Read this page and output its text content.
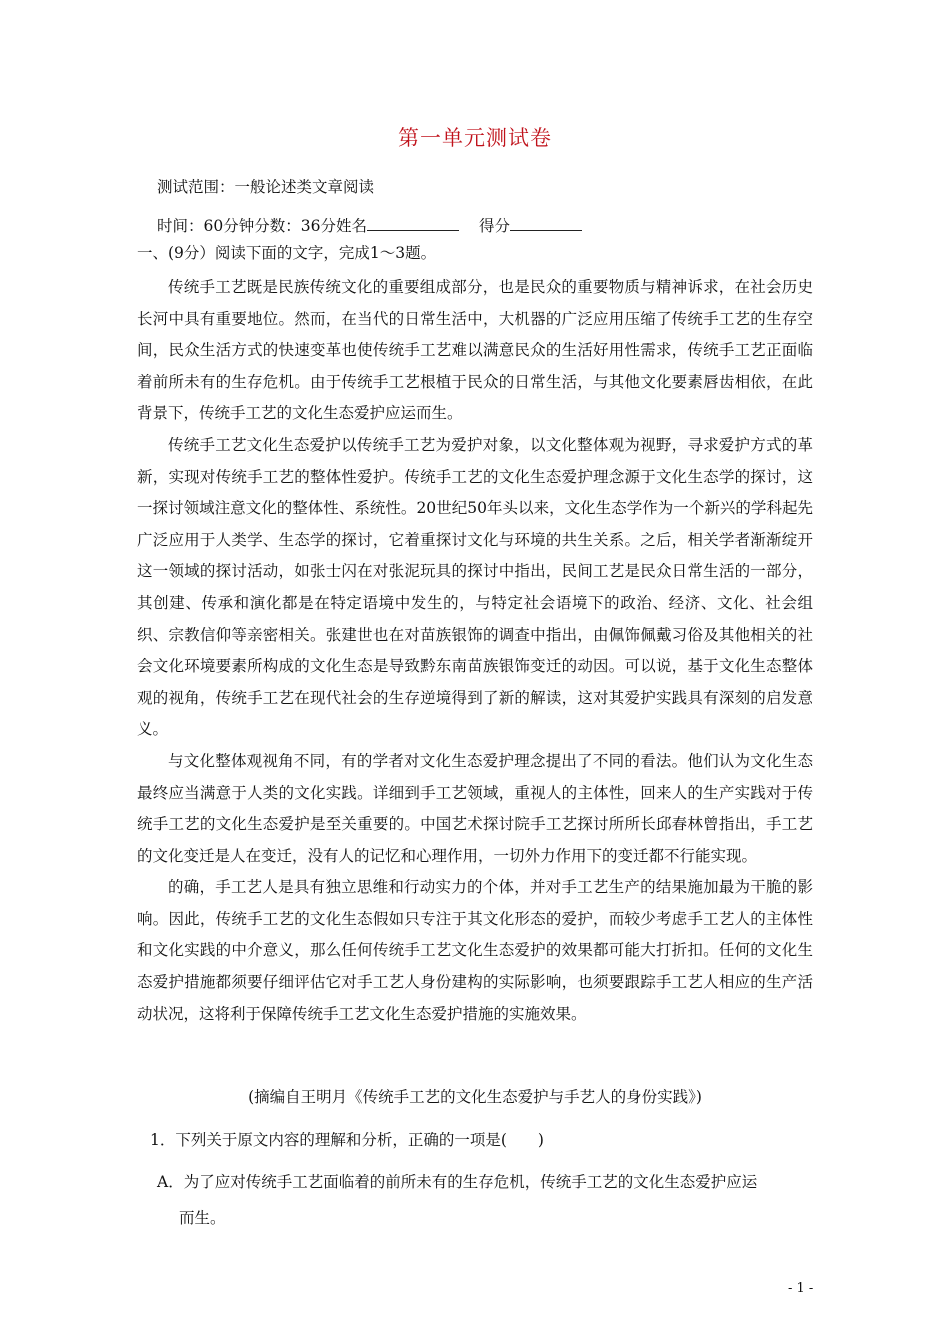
第一单元测试卷
测试范围：一般论述类文章阅读
时间：60分钟分数：36分姓名	得分
一、(9分）阅读下面的文字，完成1～3题。

传统手工艺既是民族传统文化的重要组成部分，也是民众的重要物质与精神诉求，在社会历史长河中具有重要地位。然而，在当代的日常生活中，大机器的广泛应用压缩了传统手工艺的生存空间，民众生活方式的快速变革也使传统手工艺难以满意民众的生活好用性需求，传统手工艺正面临着前所未有的生存危机。由于传统手工艺根植于民众的日常生活，与其他文化要素唇齿相依，在此背景下，传统手工艺的文化生态爱护应运而生。

传统手工艺文化生态爱护以传统手工艺为爱护对象，以文化整体观为视野，寻求爱护方式的革新，实现对传统手工艺的整体性爱护。传统手工艺的文化生态爱护理念源于文化生态学的探讨，这一探讨领域注意文化的整体性、系统性。20世纪50年头以来，文化生态学作为一个新兴的学科起先广泛应用于人类学、生态学的探讨，它着重探讨文化与环境的共生关系。之后，相关学者渐渐绽开这一领域的探讨活动，如张士闪在对张泥玩具的探讨中指出，民间工艺是民众日常生活的一部分，其创建、传承和演化都是在特定语境中发生的，与特定社会语境下的政治、经济、文化、社会组织、宗教信仰等亲密相关。张建世也在对苗族银饰的调查中指出，由佩饰佩戴习俗及其他相关的社会文化环境要素所构成的文化生态是导致黔东南苗族银饰变迁的动因。可以说，基于文化生态整体观的视角，传统手工艺在现代社会的生存逆境得到了新的解读，这对其爱护实践具有深刻的启发意义。

与文化整体观视角不同，有的学者对文化生态爱护理念提出了不同的看法。他们认为文化生态最终应当满意于人类的文化实践。详细到手工艺领域，重视人的主体性，回来人的生产实践对于传统手工艺的文化生态爱护是至关重要的。中国艺术探讨院手工艺探讨所所长邱春林曾指出，手工艺的文化变迁是人在变迁，没有人的记忆和心理作用，一切外力作用下的变迁都不行能实现。

的确，手工艺人是具有独立思维和行动实力的个体，并对手工艺生产的结果施加最为干脆的影响。因此，传统手工艺的文化生态假如只专注于其文化形态的爱护，而较少考虑手工艺人的主体性和文化实践的中介意义，那么任何传统手工艺文化生态爱护的效果都可能大打折扣。任何的文化生态爱护措施都须要仔细评估它对手工艺人身份建构的实际影响，也须要跟踪手工艺人相应的生产活动状况，这将利于保障传统手工艺文化生态爱护措施的实施效果。

(摘编自王明月《传统手工艺的文化生态爱护与手艺人的身份实践》)
1．下列关于原文内容的理解和分析，正确的一项是(　　)
A．为了应对传统手工艺面临着的前所未有的生存危机，传统手工艺的文化生态爱护应运
而生。
- 1 -
